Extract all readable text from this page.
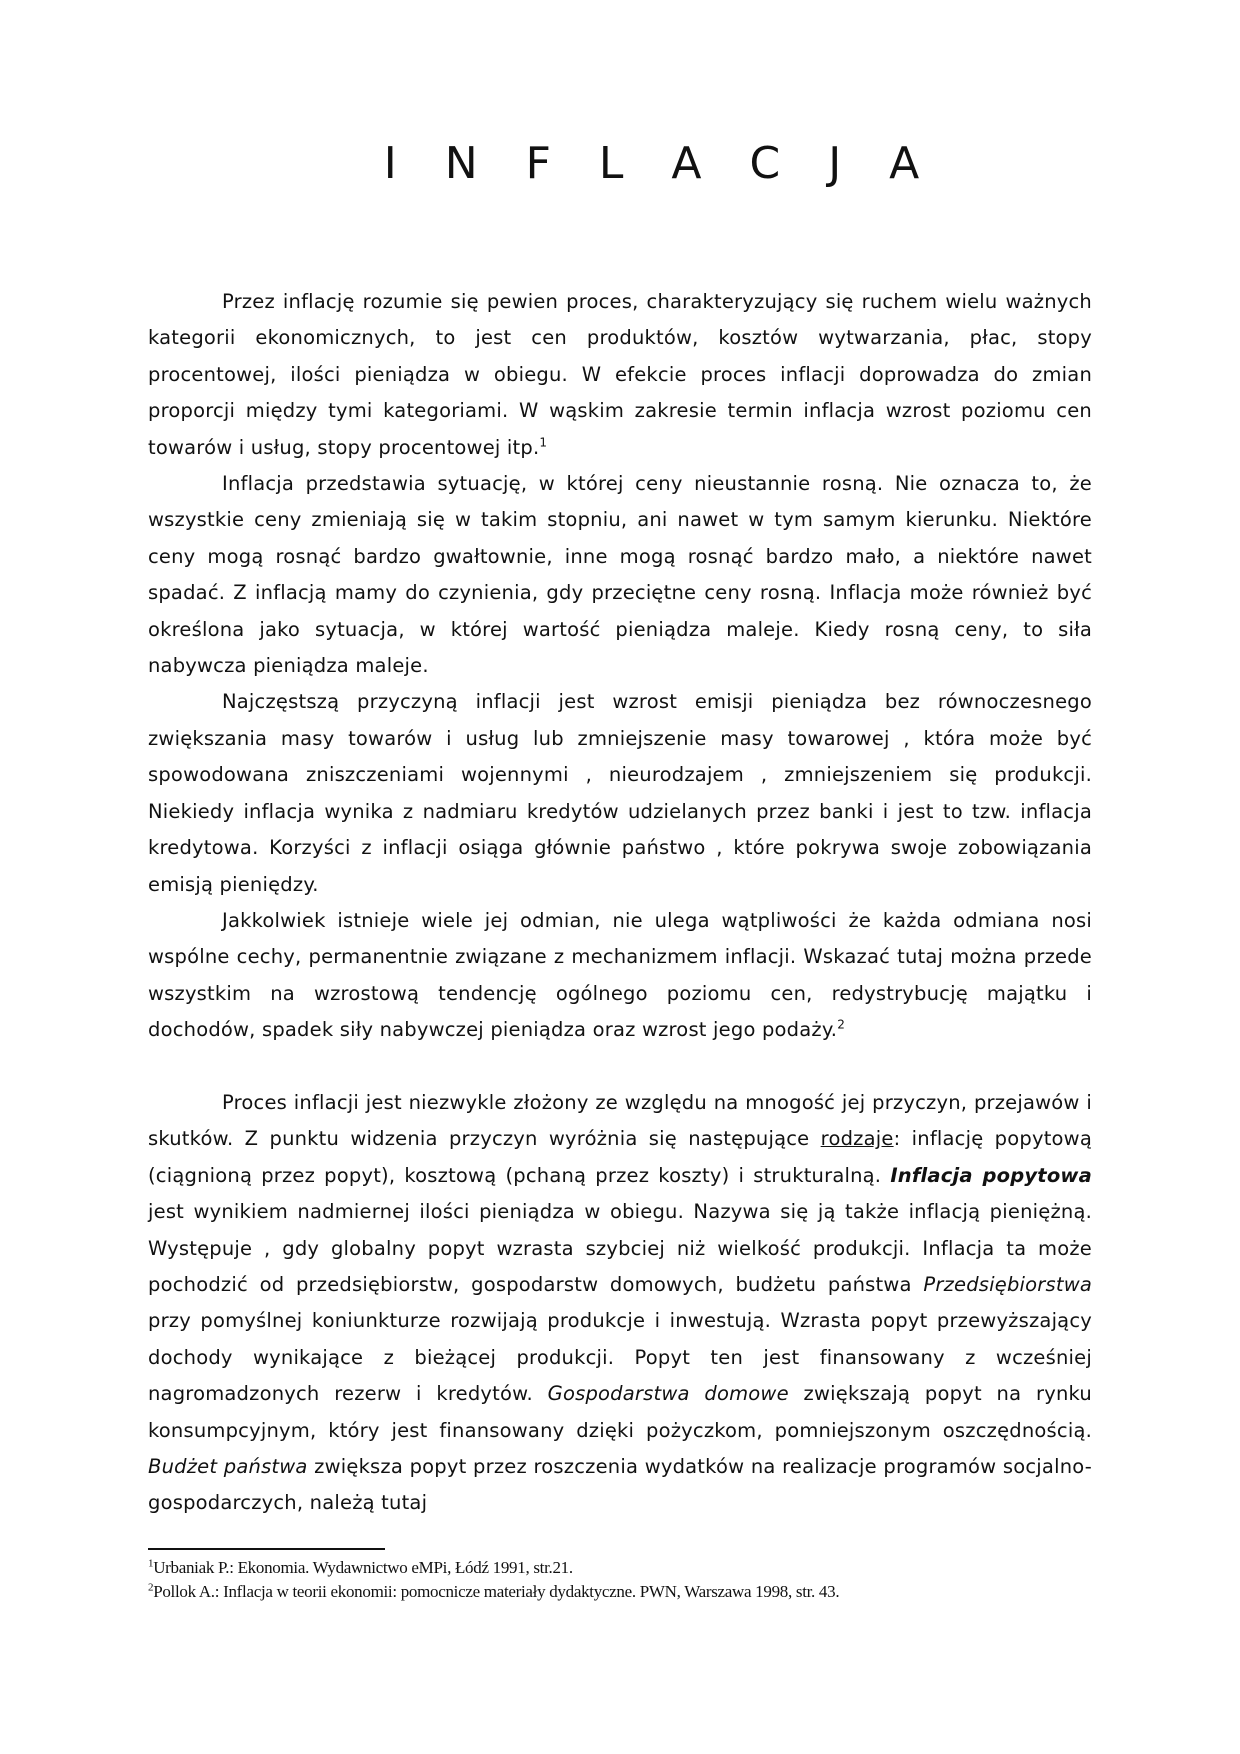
I N F L A C J A

Przez inflację rozumie się pewien proces, charakteryzujący się ruchem wielu ważnych kategorii ekonomicznych, to jest cen produktów, kosztów wytwarzania, płac, stopy procentowej, ilości pieniądza w obiegu. W efekcie proces inflacji doprowadza do zmian proporcji między tymi kategoriami. W wąskim zakresie termin inflacja wzrost poziomu cen towarów i usług, stopy procentowej itp.$^1$

Inflacja przedstawia sytuację, w której ceny nieustannie rosną. Nie oznacza to, że wszystkie ceny zmieniają się w takim stopniu, ani nawet w tym samym kierunku. Niektóre ceny mogą rosnąć bardzo gwałtownie, inne mogą rosnąć bardzo mało, a niektóre nawet spadać. Z inflacją mamy do czynienia, gdy przeciętne ceny rosną. Inflacja może również być określona jako sytuacja, w której wartość pieniądza maleje. Kiedy rosną ceny, to siła nabywcza pieniądza maleje.

Najczęstszą przyczyną inflacji jest wzrost emisji pieniądza bez równoczesnego zwiększania masy towarów i usług lub zmniejszenie masy towarowej , która może być spowodowana zniszczeniami wojennymi , nieurodzajem , zmniejszeniem się produkcji. Niekiedy inflacja wynika z nadmiaru kredytów udzielanych przez banki i jest to tzw. inflacja kredytowa. Korzyści z inflacji osiąga głównie państwo , które pokrywa swoje zobowiązania emisją pieniędzy.

Jakkolwiek istnieje wiele jej odmian, nie ulega wątpliwości że każda odmiana nosi wspólne cechy, permanentnie związane z mechanizmem inflacji. Wskazać tutaj można przede wszystkim na wzrostową tendencję ogólnego poziomu cen, redystrybucję majątku i dochodów, spadek siły nabywczej pieniądza oraz wzrost jego podaży.$^2$

Proces inflacji jest niezwykle złożony ze względu na mnogość jej przyczyn, przejawów i skutków. Z punktu widzenia przyczyn wyróżnia się następujące rodzaje: inflację popytową (ciągnioną przez popyt), kosztową (pchaną przez koszty) i strukturalną. Inflacja popytowa jest wynikiem nadmiernej ilości pieniądza w obiegu. Nazywa się ją także inflacją pieniężną. Występuje , gdy globalny popyt wzrasta szybciej niż wielkość produkcji. Inflacja ta może pochodzić od przedsiębiorstw, gospodarstw domowych, budżetu państwa Przedsiębiorstwa przy pomyślnej koniunkturze rozwijają produkcje i inwestują. Wzrasta popyt przewyższający dochody wynikające z bieżącej produkcji. Popyt ten jest finansowany z wcześniej nagromadzonych rezerw i kredytów. Gospodarstwa domowe zwiększają popyt na rynku konsumpcyjnym, który jest finansowany dzięki pożyczkom, pomniejszonym oszczędnością. Budżet państwa zwiększa popyt przez roszczenia wydatków na realizacje programów socjalno- gospodarczych, należą tutaj

$^1$Urbaniak P.: Ekonomia. Wydawnictwo eMPi, Łódź 1991, str.21.
$^2$Pollok A.: Inflacja w teorii ekonomii: pomocnicze materiały dydaktyczne. PWN, Warszawa 1998, str. 43.
